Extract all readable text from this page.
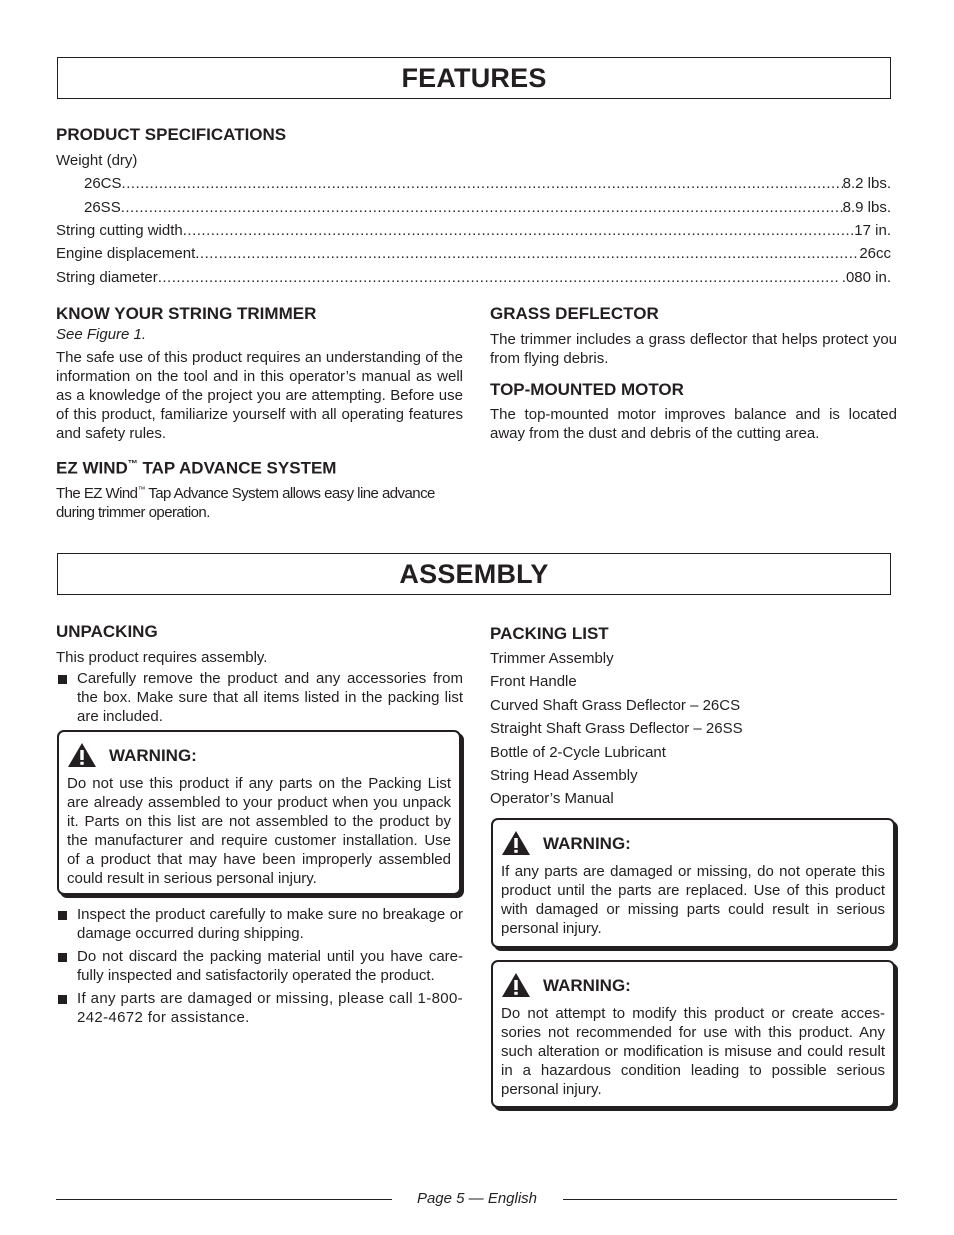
FEATURES
PRODUCT SPECIFICATIONS
Weight (dry)
26CS .....	8.2 lbs.
26SS .....	8.9 lbs.
String cutting width .....	17 in.
Engine displacement .....	26cc
String diameter .....	.080 in.
KNOW YOUR STRING TRIMMER
See Figure 1.

The safe use of this product requires an understanding of the information on the tool and in this operator’s manual as well as a knowledge of the project you are attempting. Before use of this product, familiarize yourself with all operating features and safety rules.

EZ WIND™ TAP ADVANCE SYSTEM

The EZ Wind™ Tap Advance System allows easy line advance during trimmer operation.

GRASS DEFLECTOR

The trimmer includes a grass deflector that helps protect you from flying debris.

TOP-MOUNTED MOTOR

The top-mounted motor improves balance and is located away from the dust and debris of the cutting area.

ASSEMBLY
UNPACKING
This product requires assembly.
Carefully remove the product and any accessories from the box. Make sure that all items listed in the packing list are included.
WARNING:

Do not use this product if any parts on the Packing List are already assembled to your product when you unpack it. Parts on this list are not assembled to the product by the manufacturer and require customer installation. Use of a product that may have been improperly assembled could result in serious personal injury.

Inspect the product carefully to make sure no breakage or damage occurred during shipping.
Do not discard the packing material until you have care-fully inspected and satisfactorily operated the product.
If any parts are damaged or missing, please call 1-800-242-4672 for assistance.
PACKING LIST
Trimmer Assembly
Front Handle
Curved Shaft Grass Deflector – 26CS
Straight Shaft Grass Deflector – 26SS
Bottle of 2-Cycle Lubricant
String Head Assembly
Operator’s Manual
WARNING:

If any parts are damaged or missing, do not operate this product until the parts are replaced. Use of this product with damaged or missing parts could result in serious personal injury.

WARNING:

Do not attempt to modify this product or create acces-sories not recommended for use with this product. Any such alteration or modification is misuse and could result in a hazardous condition leading to possible serious personal injury.

Page 5 — English
